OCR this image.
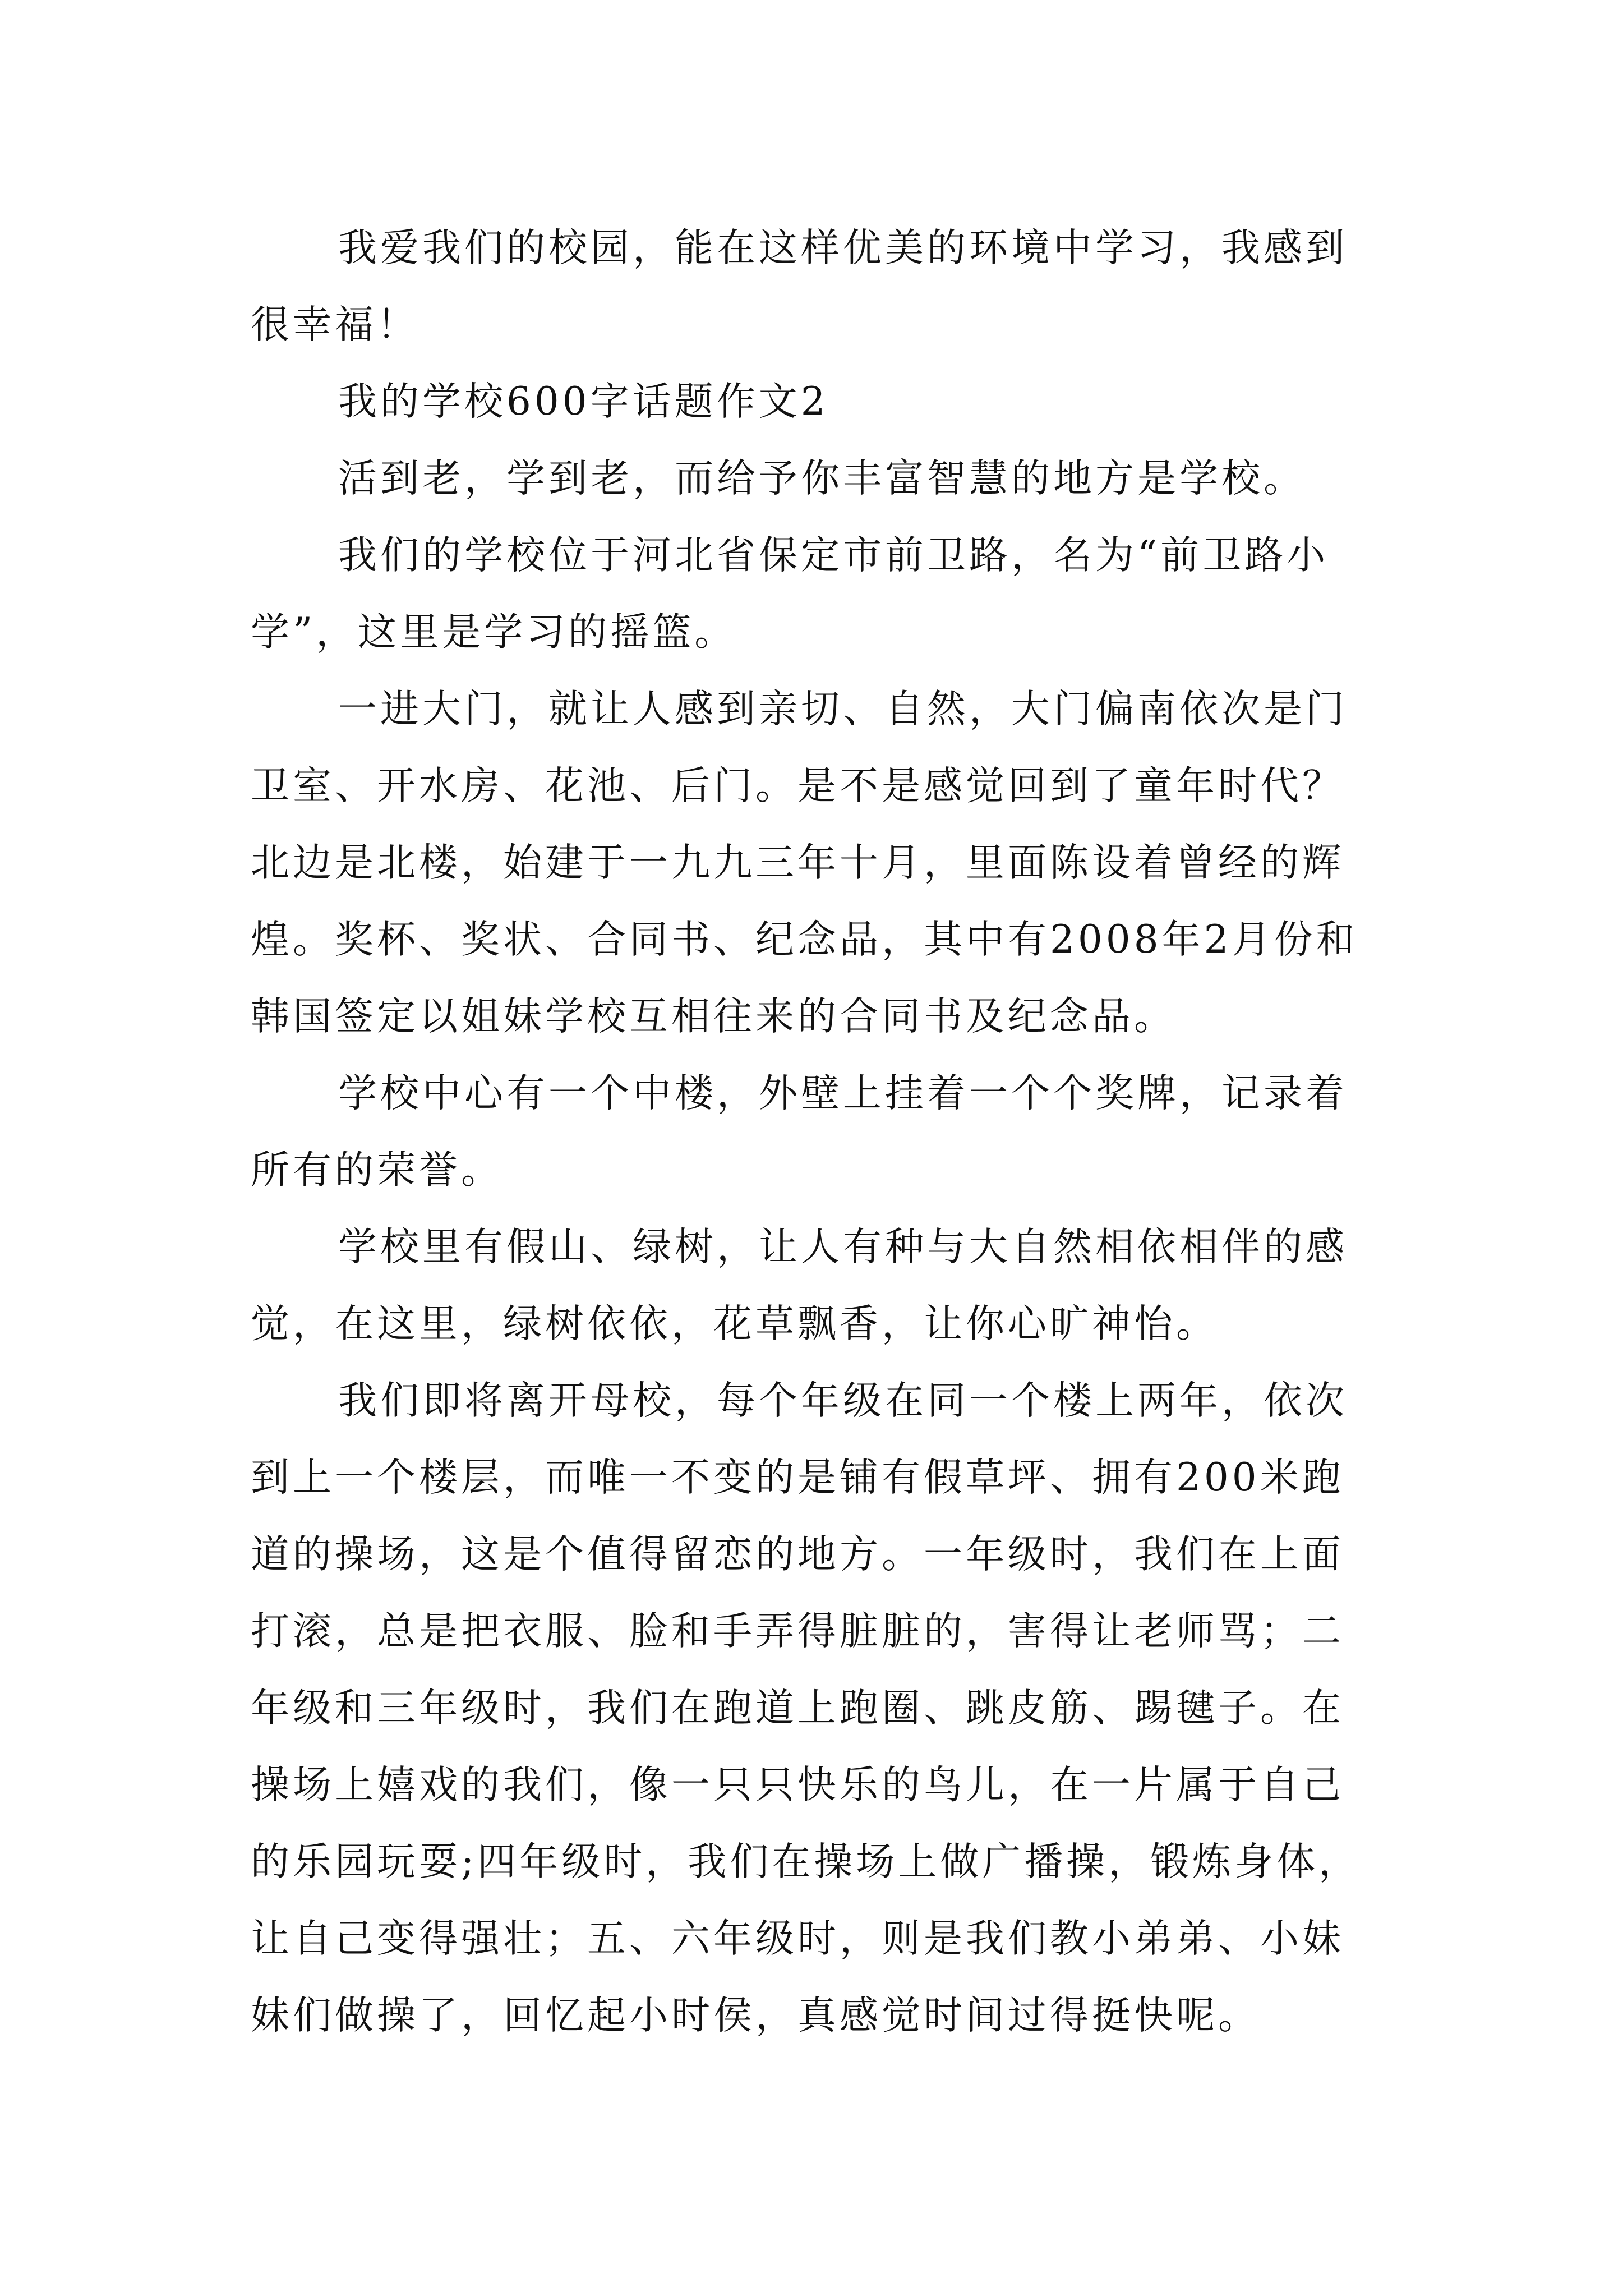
我爱我们的校园，能在这样优美的环境中学习，我感到很幸福！

我的学校600字话题作文2

活到老，学到老，而给予你丰富智慧的地方是学校。

我们的学校位于河北省保定市前卫路，名为“前卫路小学”，这里是学习的摇篮。

一进大门，就让人感到亲切、自然，大门偏南依次是门卫室、开水房、花池、后门。是不是感觉回到了童年时代？北边是北楼，始建于一九九三年十月，里面陈设着曾经的辉煌。奖杯、奖状、合同书、纪念品，其中有2008年2月份和韩国签定以姐妹学校互相往来的合同书及纪念品。

学校中心有一个中楼，外壁上挂着一个个奖牌，记录着所有的荣誉。

学校里有假山、绿树，让人有种与大自然相依相伴的感觉，在这里，绿树依依，花草飘香，让你心旷神怡。

我们即将离开母校，每个年级在同一个楼上两年，依次到上一个楼层，而唯一不变的是铺有假草坪、拥有200米跑道的操场，这是个值得留恋的地方。一年级时，我们在上面打滚，总是把衣服、脸和手弄得脏脏的，害得让老师骂；二年级和三年级时，我们在跑道上跑圈、跳皮筋、踢毽子。在操场上嬉戏的我们，像一只只快乐的鸟儿，在一片属于自己的乐园玩耍;四年级时，我们在操场上做广播操，锻炼身体，让自己变得强壮；五、六年级时，则是我们教小弟弟、小妹妹们做操了，回忆起小时侯，真感觉时间过得挺快呢。
